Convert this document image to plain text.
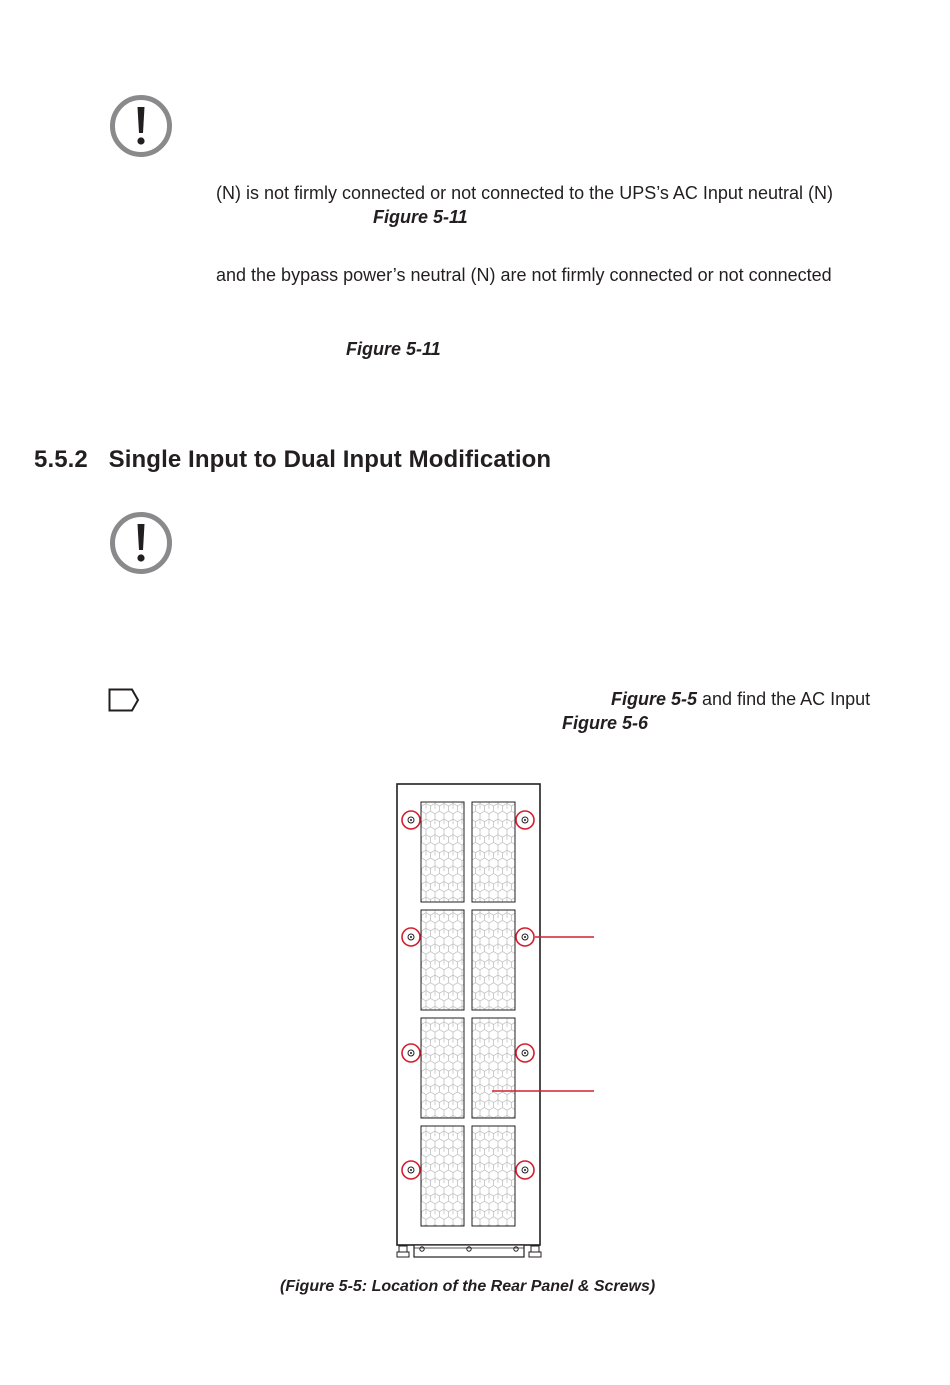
(N) is not firmly connected or not connected to the UPS’s AC Input neutral (N)
Figure 5-11
and the bypass power’s neutral (N) are not firmly connected or not connected
Figure 5-11
5.5.2 Single Input to Dual Input Modification
Figure 5-5 and find the AC Input
Figure 5-6
(Figure 5-5: Location of the Rear Panel & Screws)
